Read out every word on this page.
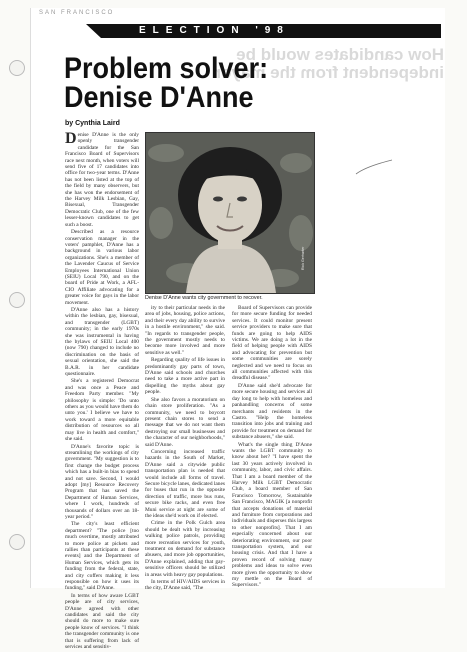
SAN FRANCISCO
ELECTION '98
How candidates would be
independent from the mayor
Problem solver:
Denise D'Anne
by Cynthia Laird

Denise D'Anne is the only openly transgender candidate for the San Francisco Board of Supervisors race next month, when voters will send five of 17 candidates into office for two-year terms. D'Anne has not been listed at the top of the field by many observers, but she has won the endorsement of the Harvey Milk Lesbian, Gay, Bisexual, Transgender Democratic Club, one of the few lesser-known candidates to get such a boost.

Described as a resource conservation manager in the voters' pamphlet, D'Anne has a background in various labor organizations. She's a member of the Lavender Caucus of Service Employees International Union (SEIU) Local 790, and on the board of Pride at Work, a AFL-CIO Affiliate advocating for a greater voice for gays in the labor movement.

D'Anne also has a history within the lesbian, gay, bisexual, and transgender (LGBT) community; in the early 1970s she was instrumental in having the bylaws of SEIU Local 400 (now 790) changed to include no discrimination on the basis of sexual orientation, she said the B.A.R. in her candidate questionnaire.

She's a registered Democrat and was once a Peace and Freedom Party member. "My philosophy is simple: 'Do unto others as you would have them do unto you.' I believe we have to work toward a more equitable distribution of resources so all may live in health and comfort," she said.

D'Anne's favorite topic is streamlining the workings of city government. "My suggestion is to first change the budget process which has a built-in bias to spend and not save. Second, I would adopt [my] Resource Recovery Program that has saved the Department of Human Services, where I work, hundreds of thousands of dollars over an 18-year period."

The city's least efficient department? "The police [too much overtime, mostly attributed to more police at pickets and rallies than participants at these events] and the Department of Human Services, which gets its funding from the federal, state, and city coffers making it less responsible on how it uses its funding," said D'Anne.

In terms of how aware LGBT people are of city services, D'Anne agreed with other candidates and said the city should do more to make sure people know of services. "I think the transgender community is one that is suffering from lack of services and sensitiv-

Rick Gerharter
Denise D'Anne wants city government to recover.

ity to their particular needs in the area of jobs, housing, police actions, and their every day ability to survive in a hostile environment," she said. "In regards to transgender people, the government mostly needs to become more involved and more sensitive as well."

Regarding quality of life issues in predominantly gay parts of town, D'Anne said schools and churches need to take a more active part in dispelling the myths about gay people.

She also favors a moratorium on chain store proliferation. "As a community, we need to boycott present chain stores to send a message that we do not want them destroying our small businesses and the character of our neighborhoods," said D'Anne.

Concerning increased traffic hazards in the South of Market, D'Anne said a citywide public transportation plan is needed that would include all forms of travel. Secure bicycle lanes, dedicated lanes for buses that run in the opposite direction of traffic, more bus runs, secure bike racks, and even free Muni service at night are some of the ideas she'd work on if elected.

Crime in the Polk Gulch area should be dealt with by increasing walking police patrols, providing more recreation services for youth, treatment on demand for substance abusers, and more job opportunities, D'Anne explained, adding that gay-sensitive officers should be utilized in areas with heavy gay populations.

In terms of HIV/AIDS services in the city, D'Anne said, "The

Board of Supervisors can provide for more secure funding for needed services. It could monitor present service providers to make sure that funds are going to help AIDS victims. We are doing a lot in the field of helping people with AIDS and advocating for prevention but some communities are sorely neglected and we need to focus on all communities affected with this dreadful disease."

D'Anne said she'd advocate for more secure housing and services all day long to help with homeless and panhandling concerns of some merchants and residents in the Castro. "Help the homeless transition into jobs and training and provide for treatment on demand for substance abusers," she said.

What's the single thing D'Anne wants the LGBT community to know about her? "I have spent the last 30 years actively involved in community, labor, and civic affairs. That I am a board member of the Harvey Milk LGBT Democratic Club, a board member of San Francisco Tomorrow, Sustainable San Francisco, MAGIK [a nonprofit that accepts donations of material and furniture from corporations and individuals and disperses this largess to other nonprofits]. That I am especially concerned about our deteriorating environment, our poor transportation system, and our housing crisis. And that I have a proven record of solving many problems and ideas to solve even more given the opportunity to show my mettle on the Board of Supervisors."
